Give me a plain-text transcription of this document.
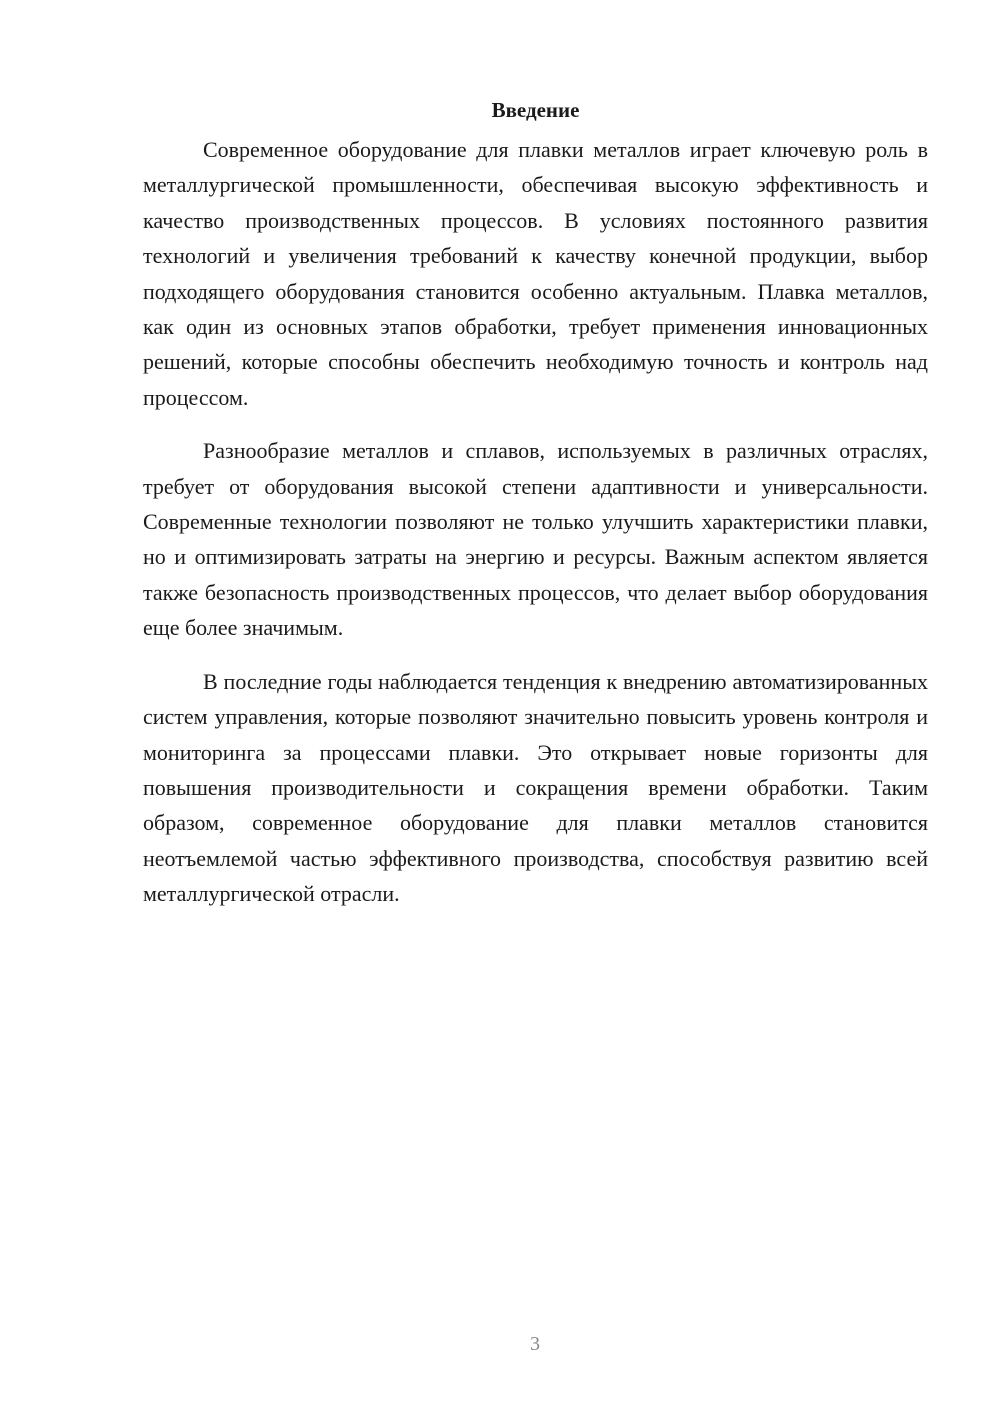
Введение

Современное оборудование для плавки металлов играет ключевую роль в металлургической промышленности, обеспечивая высокую эффективность и качество производственных процессов. В условиях постоянного развития технологий и увеличения требований к качеству конечной продукции, выбор подходящего оборудования становится особенно актуальным. Плавка металлов, как один из основных этапов обработки, требует применения инновационных решений, которые способны обеспечить необходимую точность и контроль над процессом.

Разнообразие металлов и сплавов, используемых в различных отраслях, требует от оборудования высокой степени адаптивности и универсальности. Современные технологии позволяют не только улучшить характеристики плавки, но и оптимизировать затраты на энергию и ресурсы. Важным аспектом является также безопасность производственных процессов, что делает выбор оборудования еще более значимым.

В последние годы наблюдается тенденция к внедрению автоматизированных систем управления, которые позволяют значительно повысить уровень контроля и мониторинга за процессами плавки. Это открывает новые горизонты для повышения производительности и сокращения времени обработки. Таким образом, современное оборудование для плавки металлов становится неотъемлемой частью эффективного производства, способствуя развитию всей металлургической отрасли.

3
